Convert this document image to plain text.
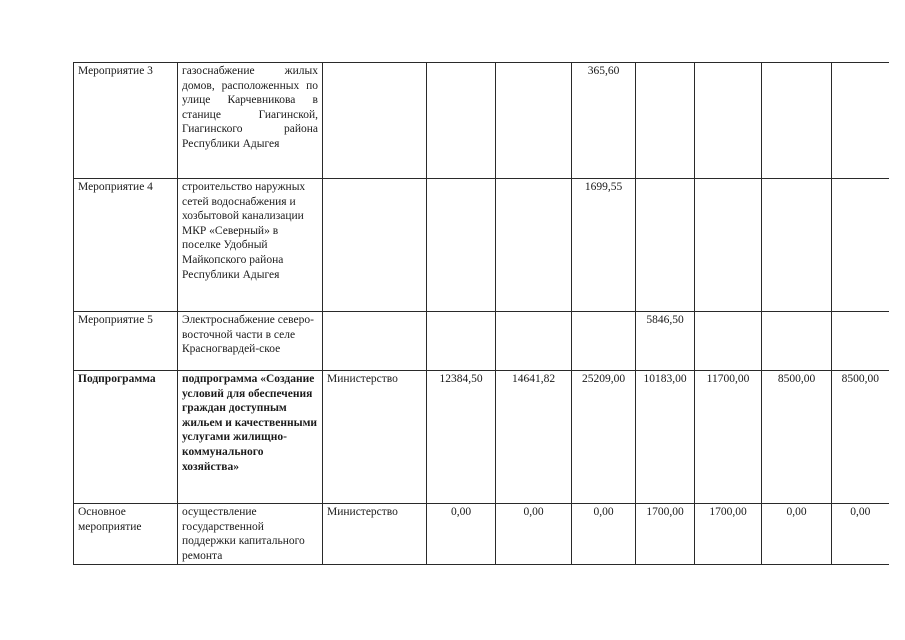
Мероприятие 3	газоснабжение жилых домов, расположенных по улице Карчевникова в станице Гиагинской, Гиагинского района Республики Адыгея				365,60				
Мероприятие 4	строительство наружных сетей водоснабжения и хозбытовой канализации МКР «Северный» в поселке Удобный Майкопского района Республики Адыгея				1699,55				
Мероприятие 5	Электроснабжение северо-восточной части в селе Красногвардей-ское					5846,50			
Подпрограмма	подпрограмма «Создание условий для обеспечения граждан доступным жильем и качественными услугами жилищно-коммунального хозяйства»	Министерство	12384,50	14641,82	25209,00	10183,00	11700,00	8500,00	8500,00
Основное мероприятие	осуществление государственной поддержки капитального ремонта	Министерство	0,00	0,00	0,00	1700,00	1700,00	0,00	0,00
